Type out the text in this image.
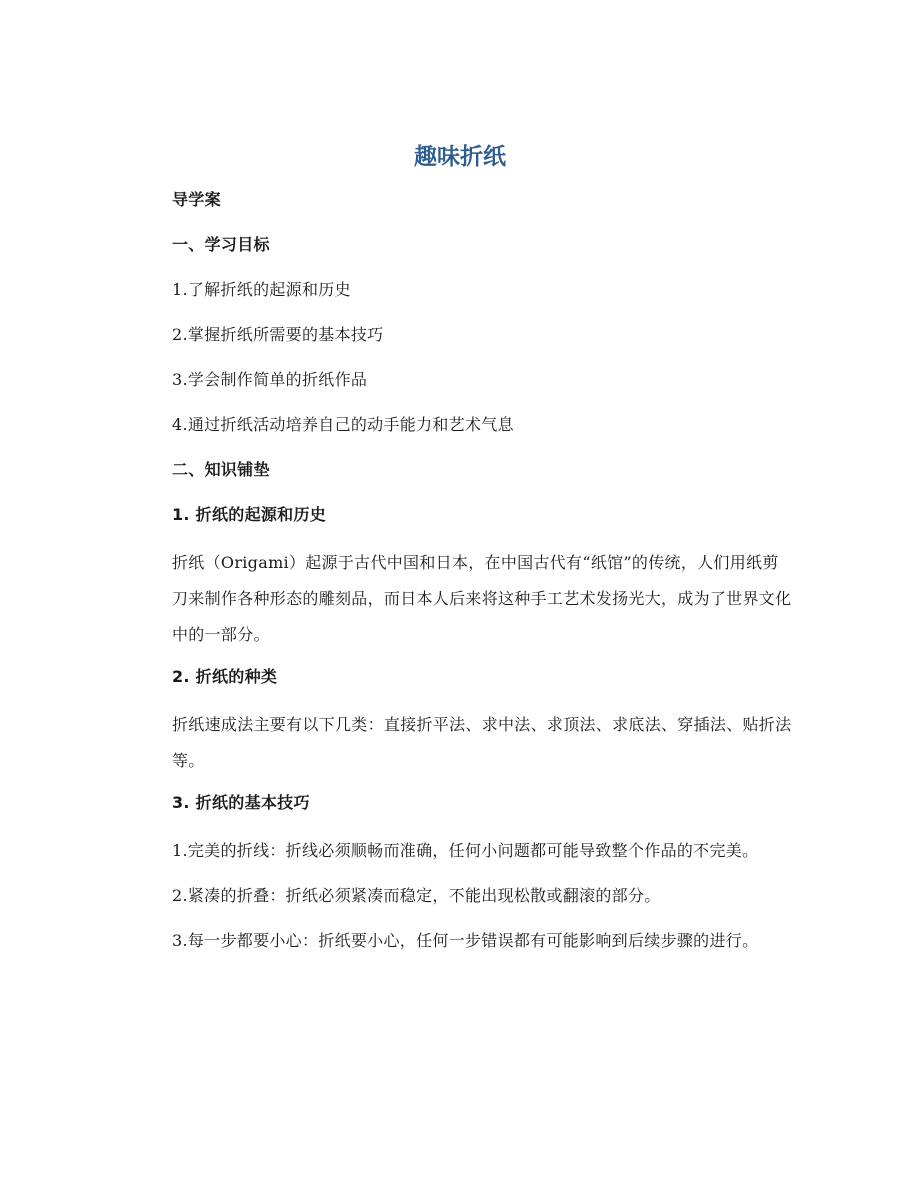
趣味折纸
导学案
一、学习目标
1.了解折纸的起源和历史
2.掌握折纸所需要的基本技巧
3.学会制作简单的折纸作品
4.通过折纸活动培养自己的动手能力和艺术气息
二、知识铺垫
1. 折纸的起源和历史
折纸（Origami）起源于古代中国和日本，在中国古代有“纸馆”的传统，人们用纸剪刀来制作各种形态的雕刻品，而日本人后来将这种手工艺术发扬光大，成为了世界文化中的一部分。
2. 折纸的种类
折纸速成法主要有以下几类：直接折平法、求中法、求顶法、求底法、穿插法、贴折法等。
3. 折纸的基本技巧
1.完美的折线：折线必须顺畅而准确，任何小问题都可能导致整个作品的不完美。
2.紧凑的折叠：折纸必须紧凑而稳定，不能出现松散或翻滚的部分。
3.每一步都要小心：折纸要小心，任何一步错误都有可能影响到后续步骤的进行。
